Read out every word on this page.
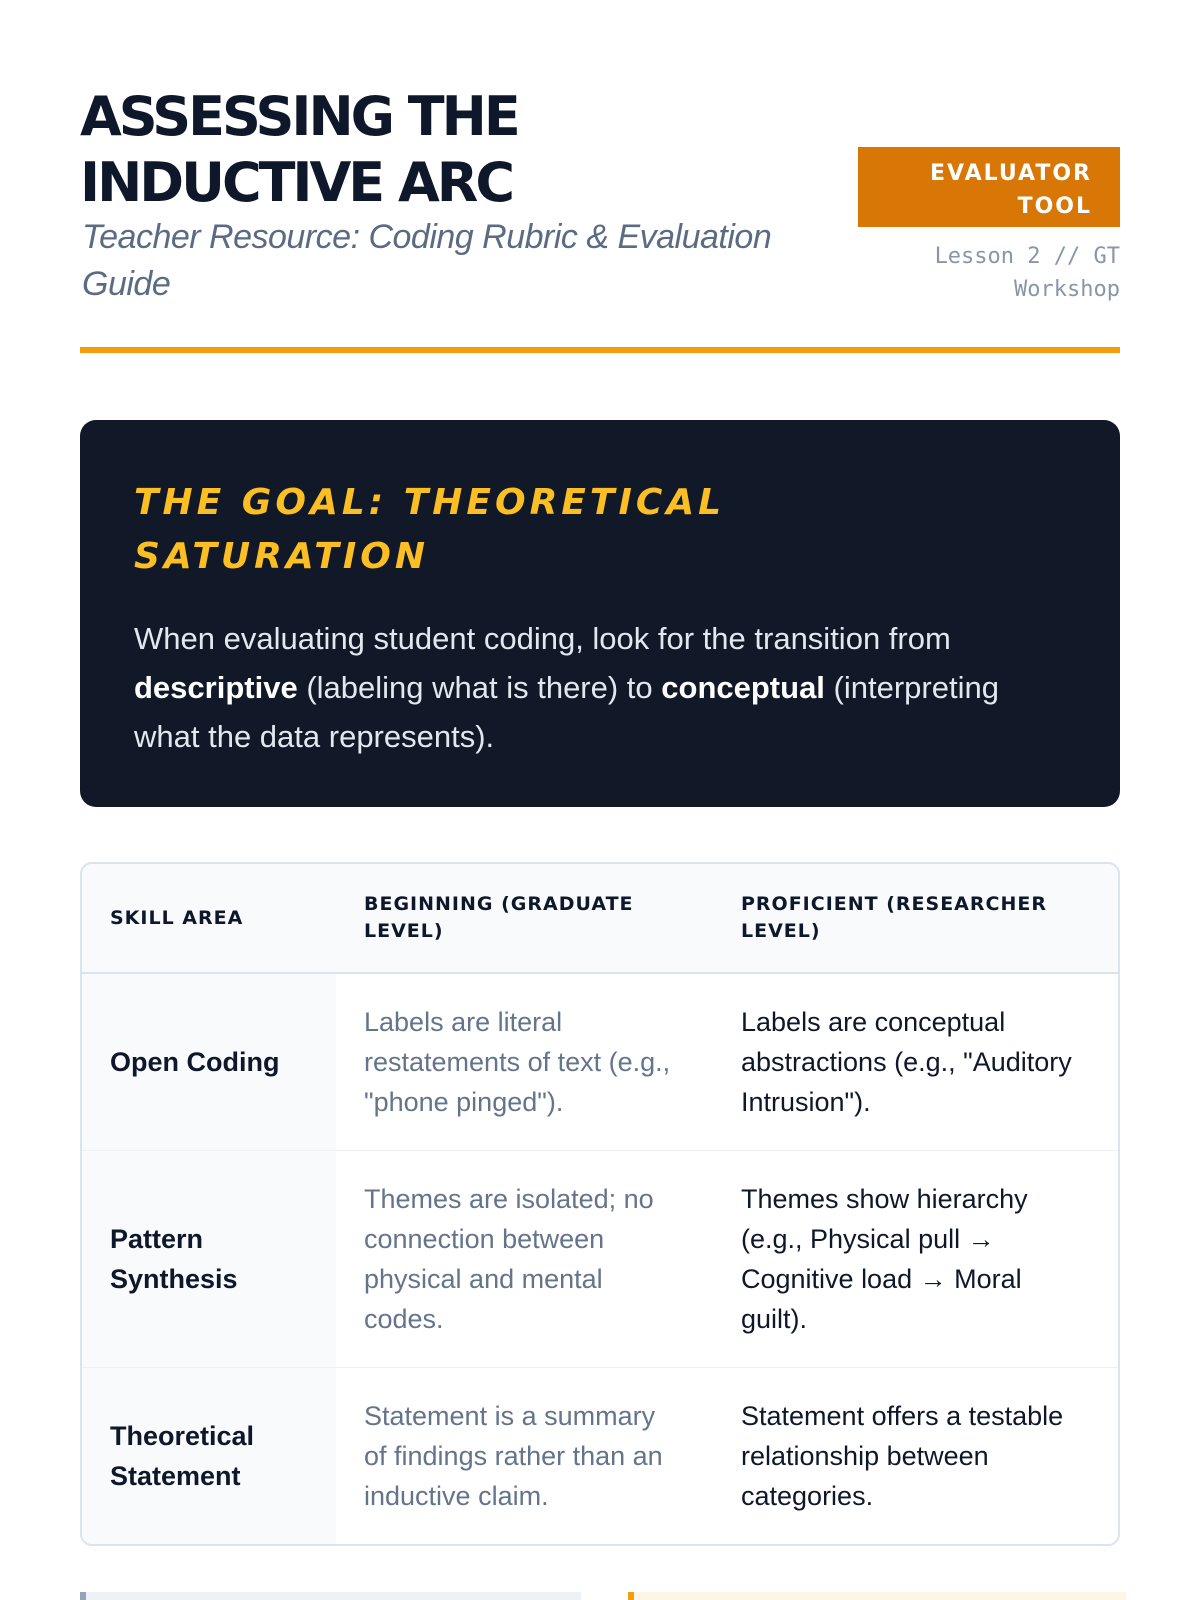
ASSESSING THE
INDUCTIVE ARC
Teacher Resource: Coding Rubric & Evaluation Guide
EVALUATOR
TOOL
Lesson 2 // GT
Workshop
THE GOAL: THEORETICAL
SATURATION

When evaluating student coding, look for the transition from descriptive (labeling what is there) to conceptual (interpreting what the data represents).

SKILL AREA	BEGINNING (GRADUATE LEVEL)	PROFICIENT (RESEARCHER LEVEL)
Open Coding	Labels are literal restatements of text (e.g., "phone pinged").	Labels are conceptual abstractions (e.g., "Auditory Intrusion").
Pattern Synthesis	Themes are isolated; no connection between physical and mental codes.	Themes show hierarchy (e.g., Physical pull → Cognitive load → Moral guilt).
Theoretical Statement	Statement is a summary of findings rather than an inductive claim.	Statement offers a testable relationship between categories.
